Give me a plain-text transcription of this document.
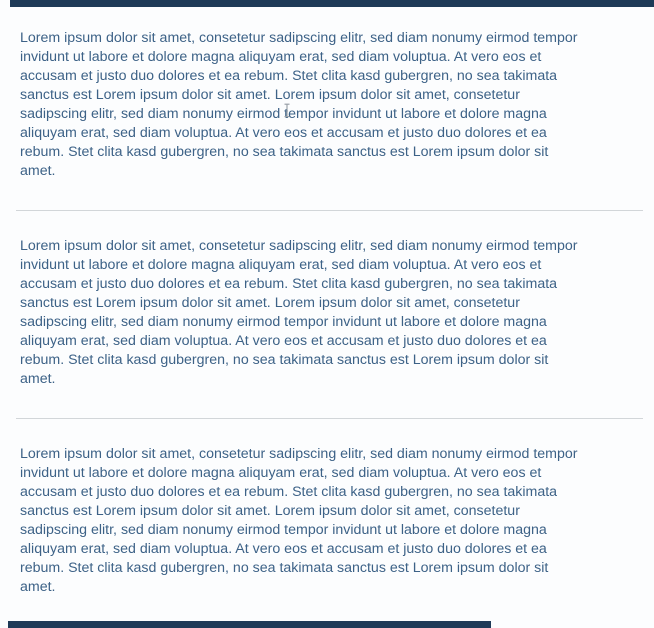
Lorem ipsum dolor sit amet, consetetur sadipscing elitr, sed diam nonumy eirmod tempor
invidunt ut labore et dolore magna aliquyam erat, sed diam voluptua. At vero eos et
accusam et justo duo dolores et ea rebum. Stet clita kasd gubergren, no sea takimata
sanctus est Lorem ipsum dolor sit amet. Lorem ipsum dolor sit amet, consetetur
sadipscing elitr, sed diam nonumy eirmod tempor invidunt ut labore et dolore magna
aliquyam erat, sed diam voluptua. At vero eos et accusam et justo duo dolores et ea
rebum. Stet clita kasd gubergren, no sea takimata sanctus est Lorem ipsum dolor sit
amet.

Lorem ipsum dolor sit amet, consetetur sadipscing elitr, sed diam nonumy eirmod tempor
invidunt ut labore et dolore magna aliquyam erat, sed diam voluptua. At vero eos et
accusam et justo duo dolores et ea rebum. Stet clita kasd gubergren, no sea takimata
sanctus est Lorem ipsum dolor sit amet. Lorem ipsum dolor sit amet, consetetur
sadipscing elitr, sed diam nonumy eirmod tempor invidunt ut labore et dolore magna
aliquyam erat, sed diam voluptua. At vero eos et accusam et justo duo dolores et ea
rebum. Stet clita kasd gubergren, no sea takimata sanctus est Lorem ipsum dolor sit
amet.

Lorem ipsum dolor sit amet, consetetur sadipscing elitr, sed diam nonumy eirmod tempor
invidunt ut labore et dolore magna aliquyam erat, sed diam voluptua. At vero eos et
accusam et justo duo dolores et ea rebum. Stet clita kasd gubergren, no sea takimata
sanctus est Lorem ipsum dolor sit amet. Lorem ipsum dolor sit amet, consetetur
sadipscing elitr, sed diam nonumy eirmod tempor invidunt ut labore et dolore magna
aliquyam erat, sed diam voluptua. At vero eos et accusam et justo duo dolores et ea
rebum. Stet clita kasd gubergren, no sea takimata sanctus est Lorem ipsum dolor sit
amet.
